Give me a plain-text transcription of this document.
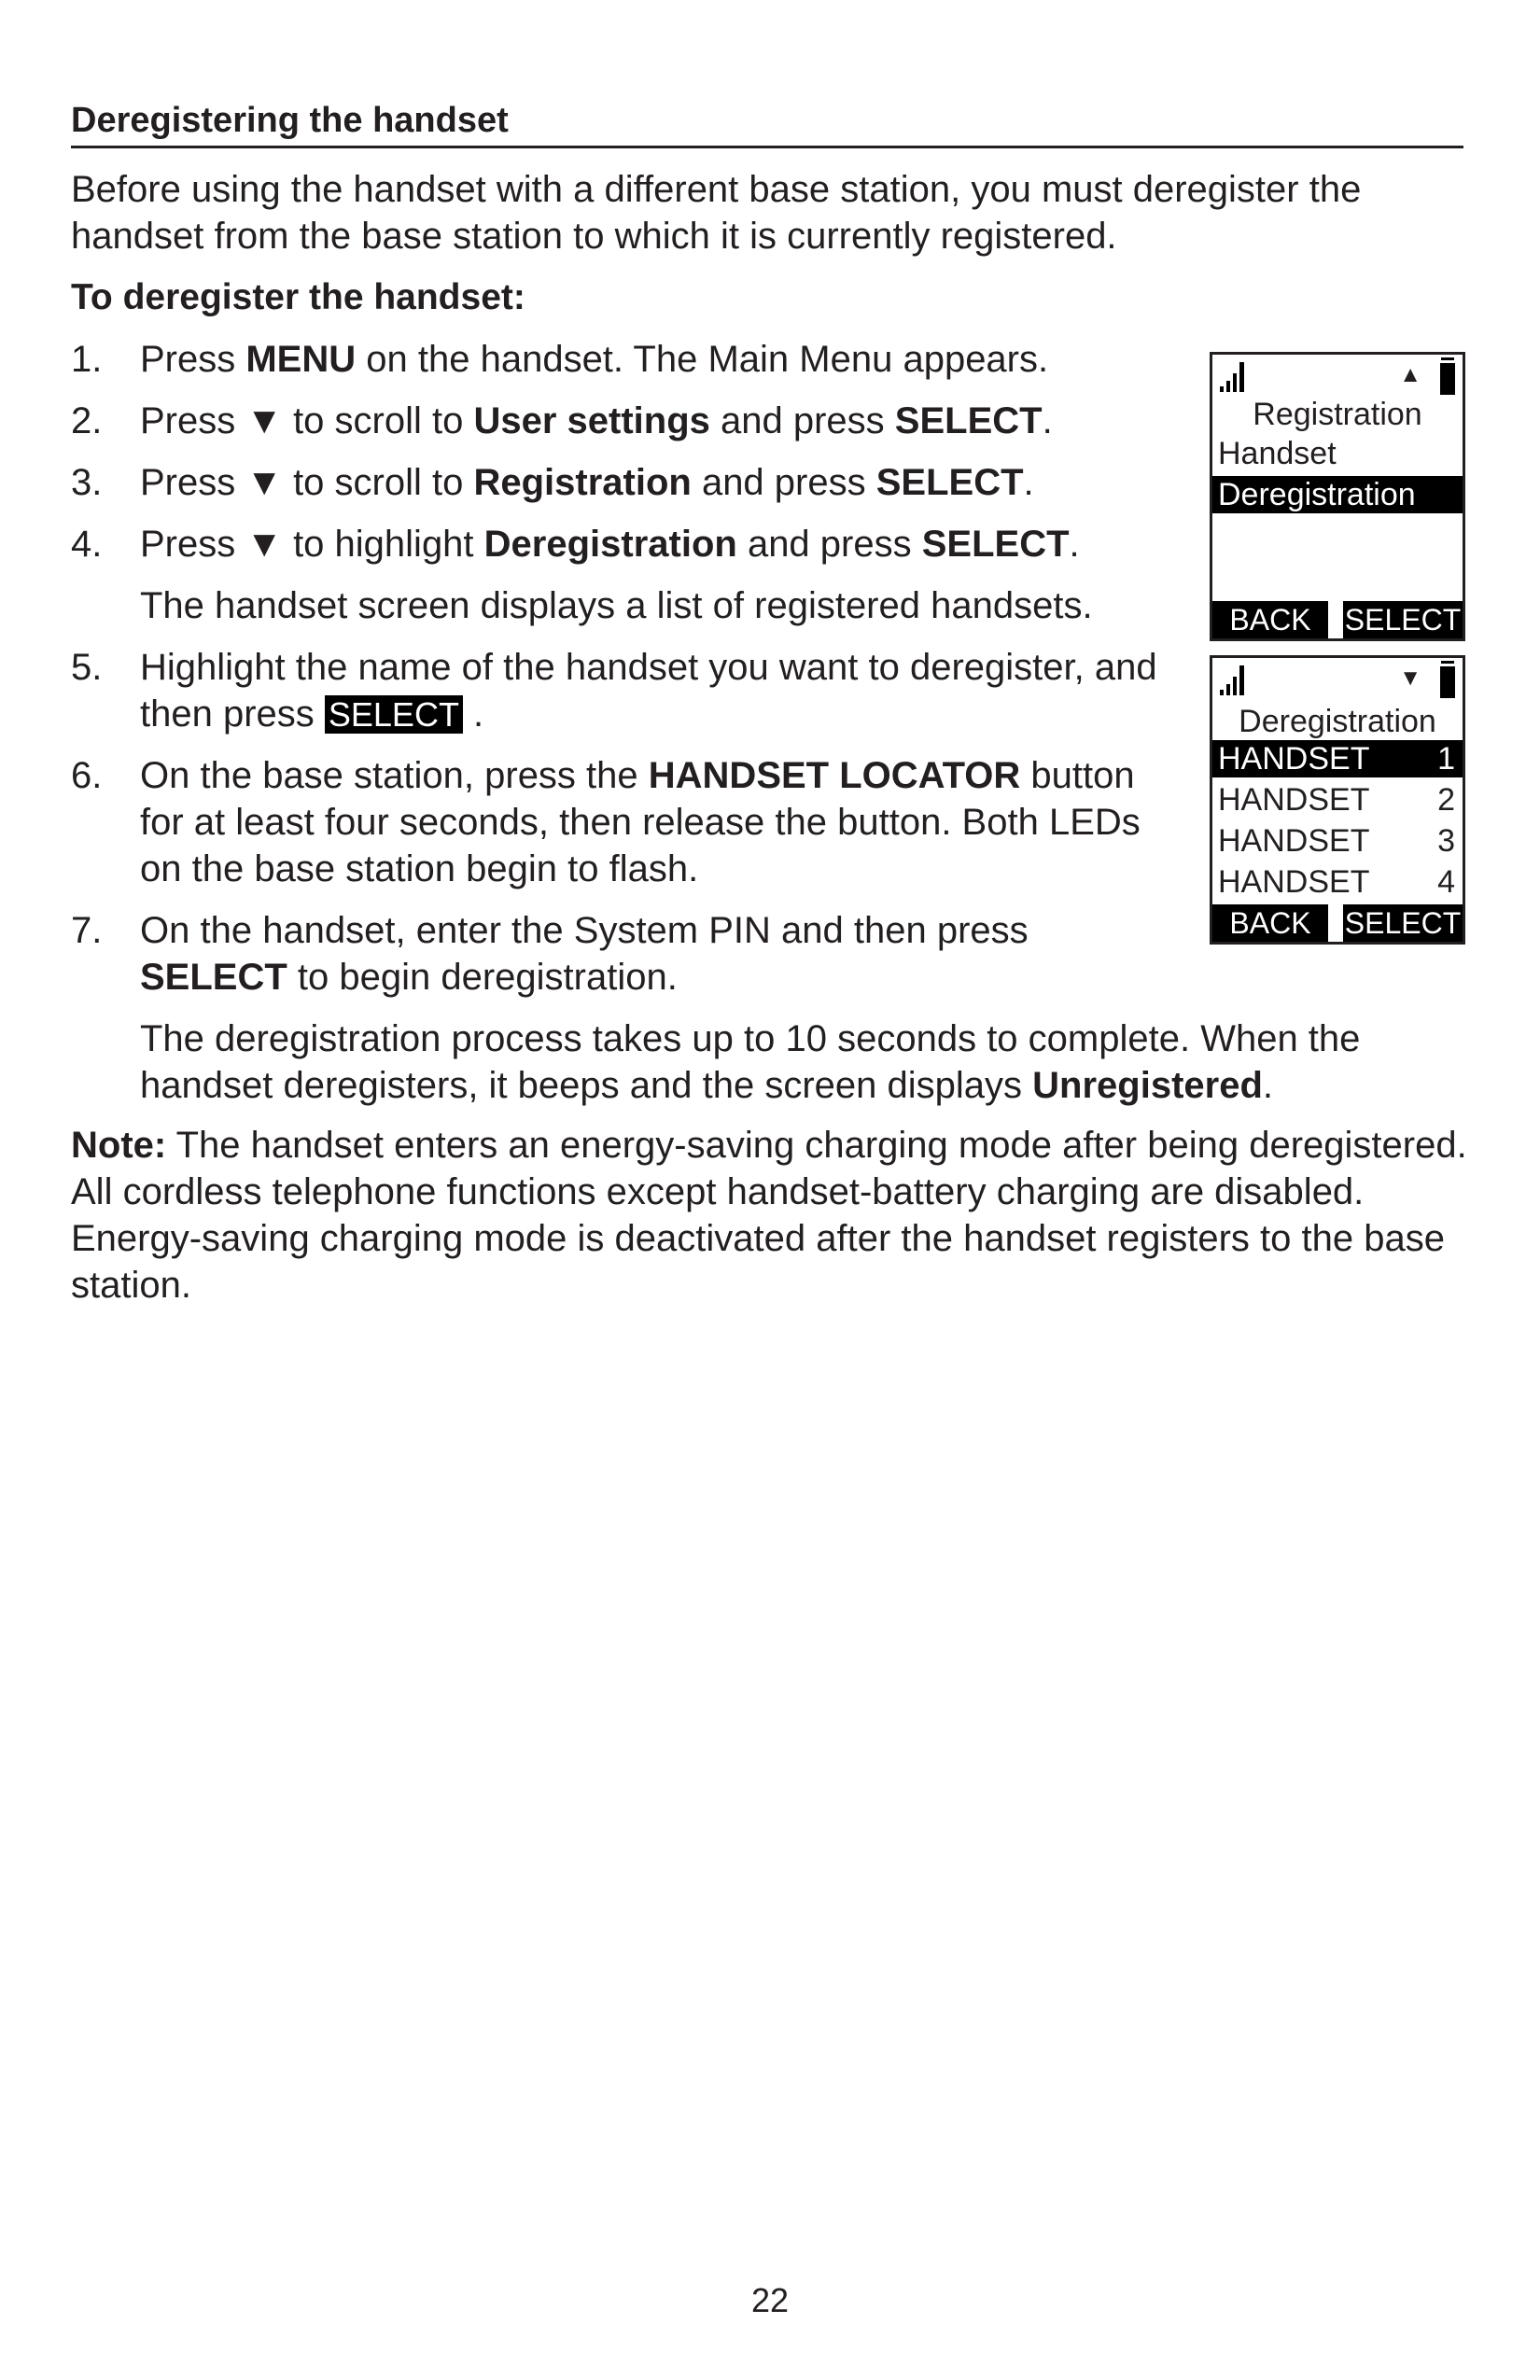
Deregistering the handset
Before using the handset with a different base station, you must deregister the handset from the base station to which it is currently registered.
To deregister the handset:
1.	Press MENU on the handset. The Main Menu appears.
2.	Press ▼ to scroll to User settings and press SELECT.
3.	Press ▼ to scroll to Registration and press SELECT.
4.	Press ▼ to highlight Deregistration and press SELECT.
The handset screen displays a list of registered handsets.
5.	Highlight the name of the handset you want to deregister, and
then press SELECT .
6.	On the base station, press the HANDSET LOCATOR button
for at least four seconds, then release the button. Both LEDs
on the base station begin to flash.
7.	On the handset, enter the System PIN and then press
SELECT to begin deregistration.
The deregistration process takes up to 10 seconds to complete. When the
handset deregisters, it beeps and the screen displays Unregistered.
Note: The handset enters an energy-saving charging mode after being deregistered. All cordless telephone functions except handset-battery charging are disabled. Energy-saving charging mode is deactivated after the handset registers to the base station.
▲
Registration
Handset
Deregistration
BACK	SELECT
▼
Deregistration
HANDSET 1
HANDSET 2
HANDSET 3
HANDSET 4
BACK	SELECT
22
